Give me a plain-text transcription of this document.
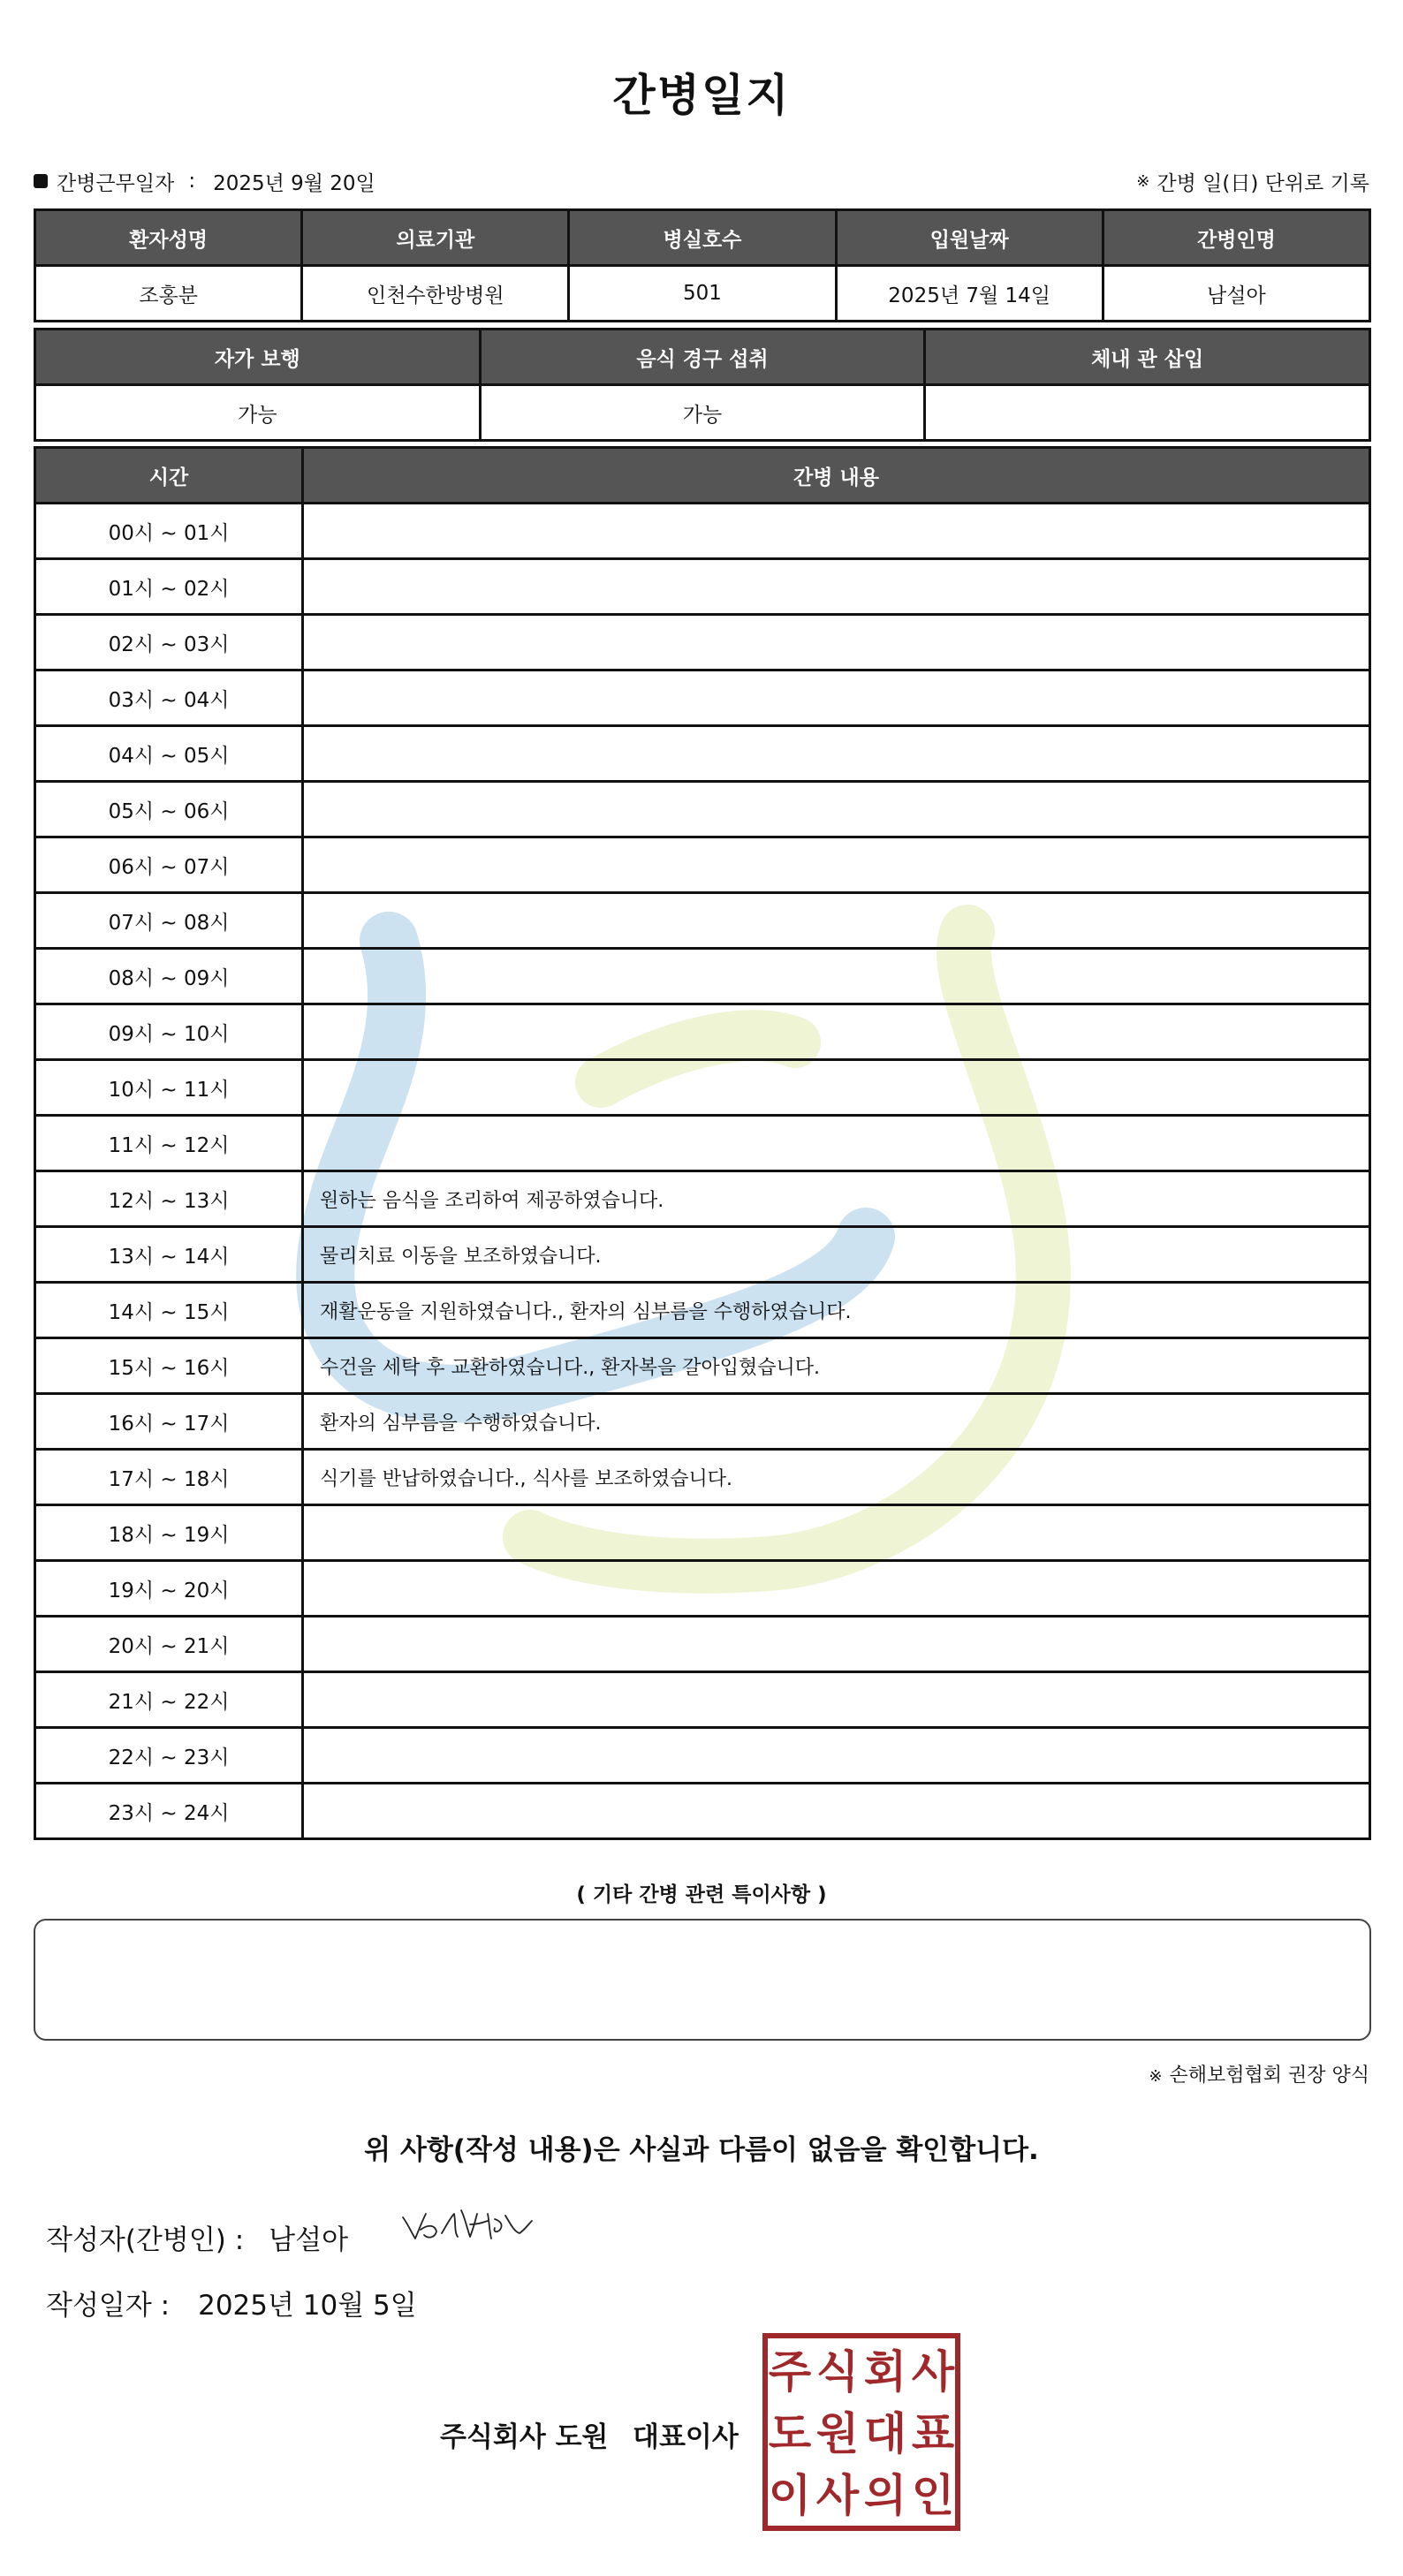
간병일지
간병근무일자 : 2025년 9월 20일	※ 간병 일(日) 단위로 기록
환자성명	의료기관	병실호수	입원날짜	간병인명
조홍분	인천수한방병원	501	2025년 7월 14일	남설아
자가 보행	음식 경구 섭취	체내 관 삽입
가능	가능	
시간	간병 내용
00시 ~ 01시	
01시 ~ 02시	
02시 ~ 03시	
03시 ~ 04시	
04시 ~ 05시	
05시 ~ 06시	
06시 ~ 07시	
07시 ~ 08시	
08시 ~ 09시	
09시 ~ 10시	
10시 ~ 11시	
11시 ~ 12시	
12시 ~ 13시	원하는 음식을 조리하여 제공하였습니다.
13시 ~ 14시	물리치료 이동을 보조하였습니다.
14시 ~ 15시	재활운동을 지원하였습니다., 환자의 심부름을 수행하였습니다.
15시 ~ 16시	수건을 세탁 후 교환하였습니다., 환자복을 갈아입혔습니다.
16시 ~ 17시	환자의 심부름을 수행하였습니다.
17시 ~ 18시	식기를 반납하였습니다., 식사를 보조하였습니다.
18시 ~ 19시	
19시 ~ 20시	
20시 ~ 21시	
21시 ~ 22시	
22시 ~ 23시	
23시 ~ 24시	
( 기타 간병 관련 특이사항 )
※ 손해보험협회 권장 양식
위 사항(작성 내용)은 사실과 다름이 없음을 확인합니다.
작성자(간병인) : 남설아
작성일자 : 2025년 10월 5일
주식회사 도원 대표이사
주 식 회 사
도 원 대 표
이 사 의 인
